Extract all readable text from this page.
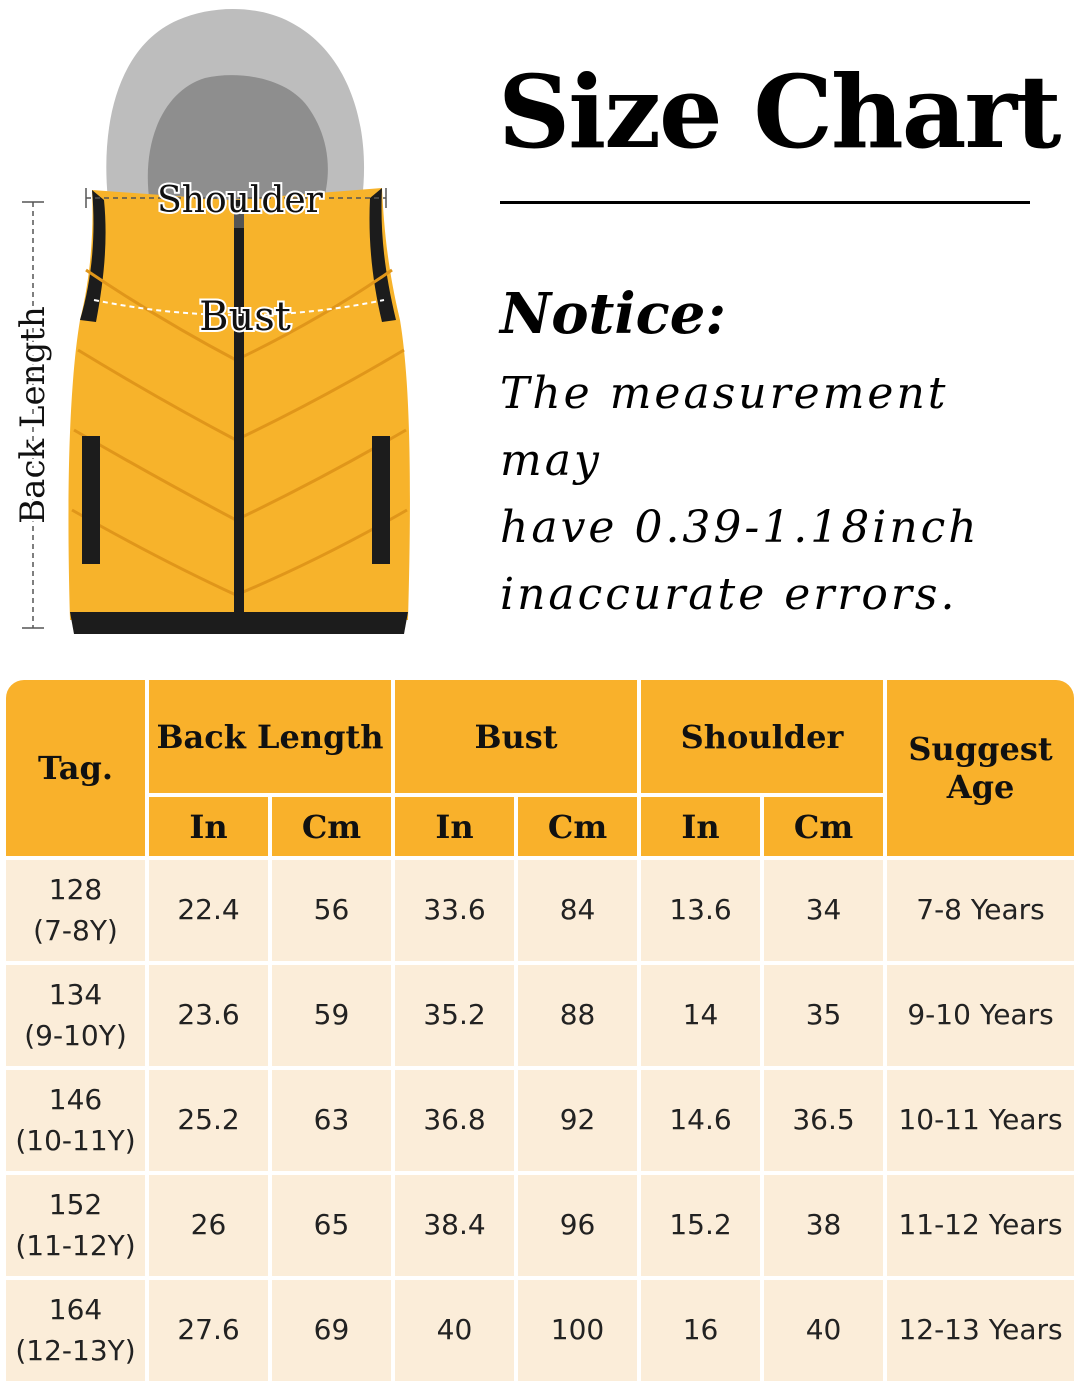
Shoulder
Bust
Back Length
Size Chart
Notice:
The measurement may
have 0.39-1.18inch
inaccurate errors.
Tag.	Back Length		Bust		Shoulder		Suggest
Age

	In	Cm	In	Cm	In	Cm	

128
(7-8Y)	22.4	56	33.6	84	13.6	34	7-8 Years

134
(9-10Y)	23.6	59	35.2	88	14	35	9-10 Years

146
(10-11Y)	25.2	63	36.8	92	14.6	36.5	10-11 Years

152
(11-12Y)	26	65	38.4	96	15.2	38	11-12 Years

164
(12-13Y)	27.6	69	40	100	16	40	12-13 Years
